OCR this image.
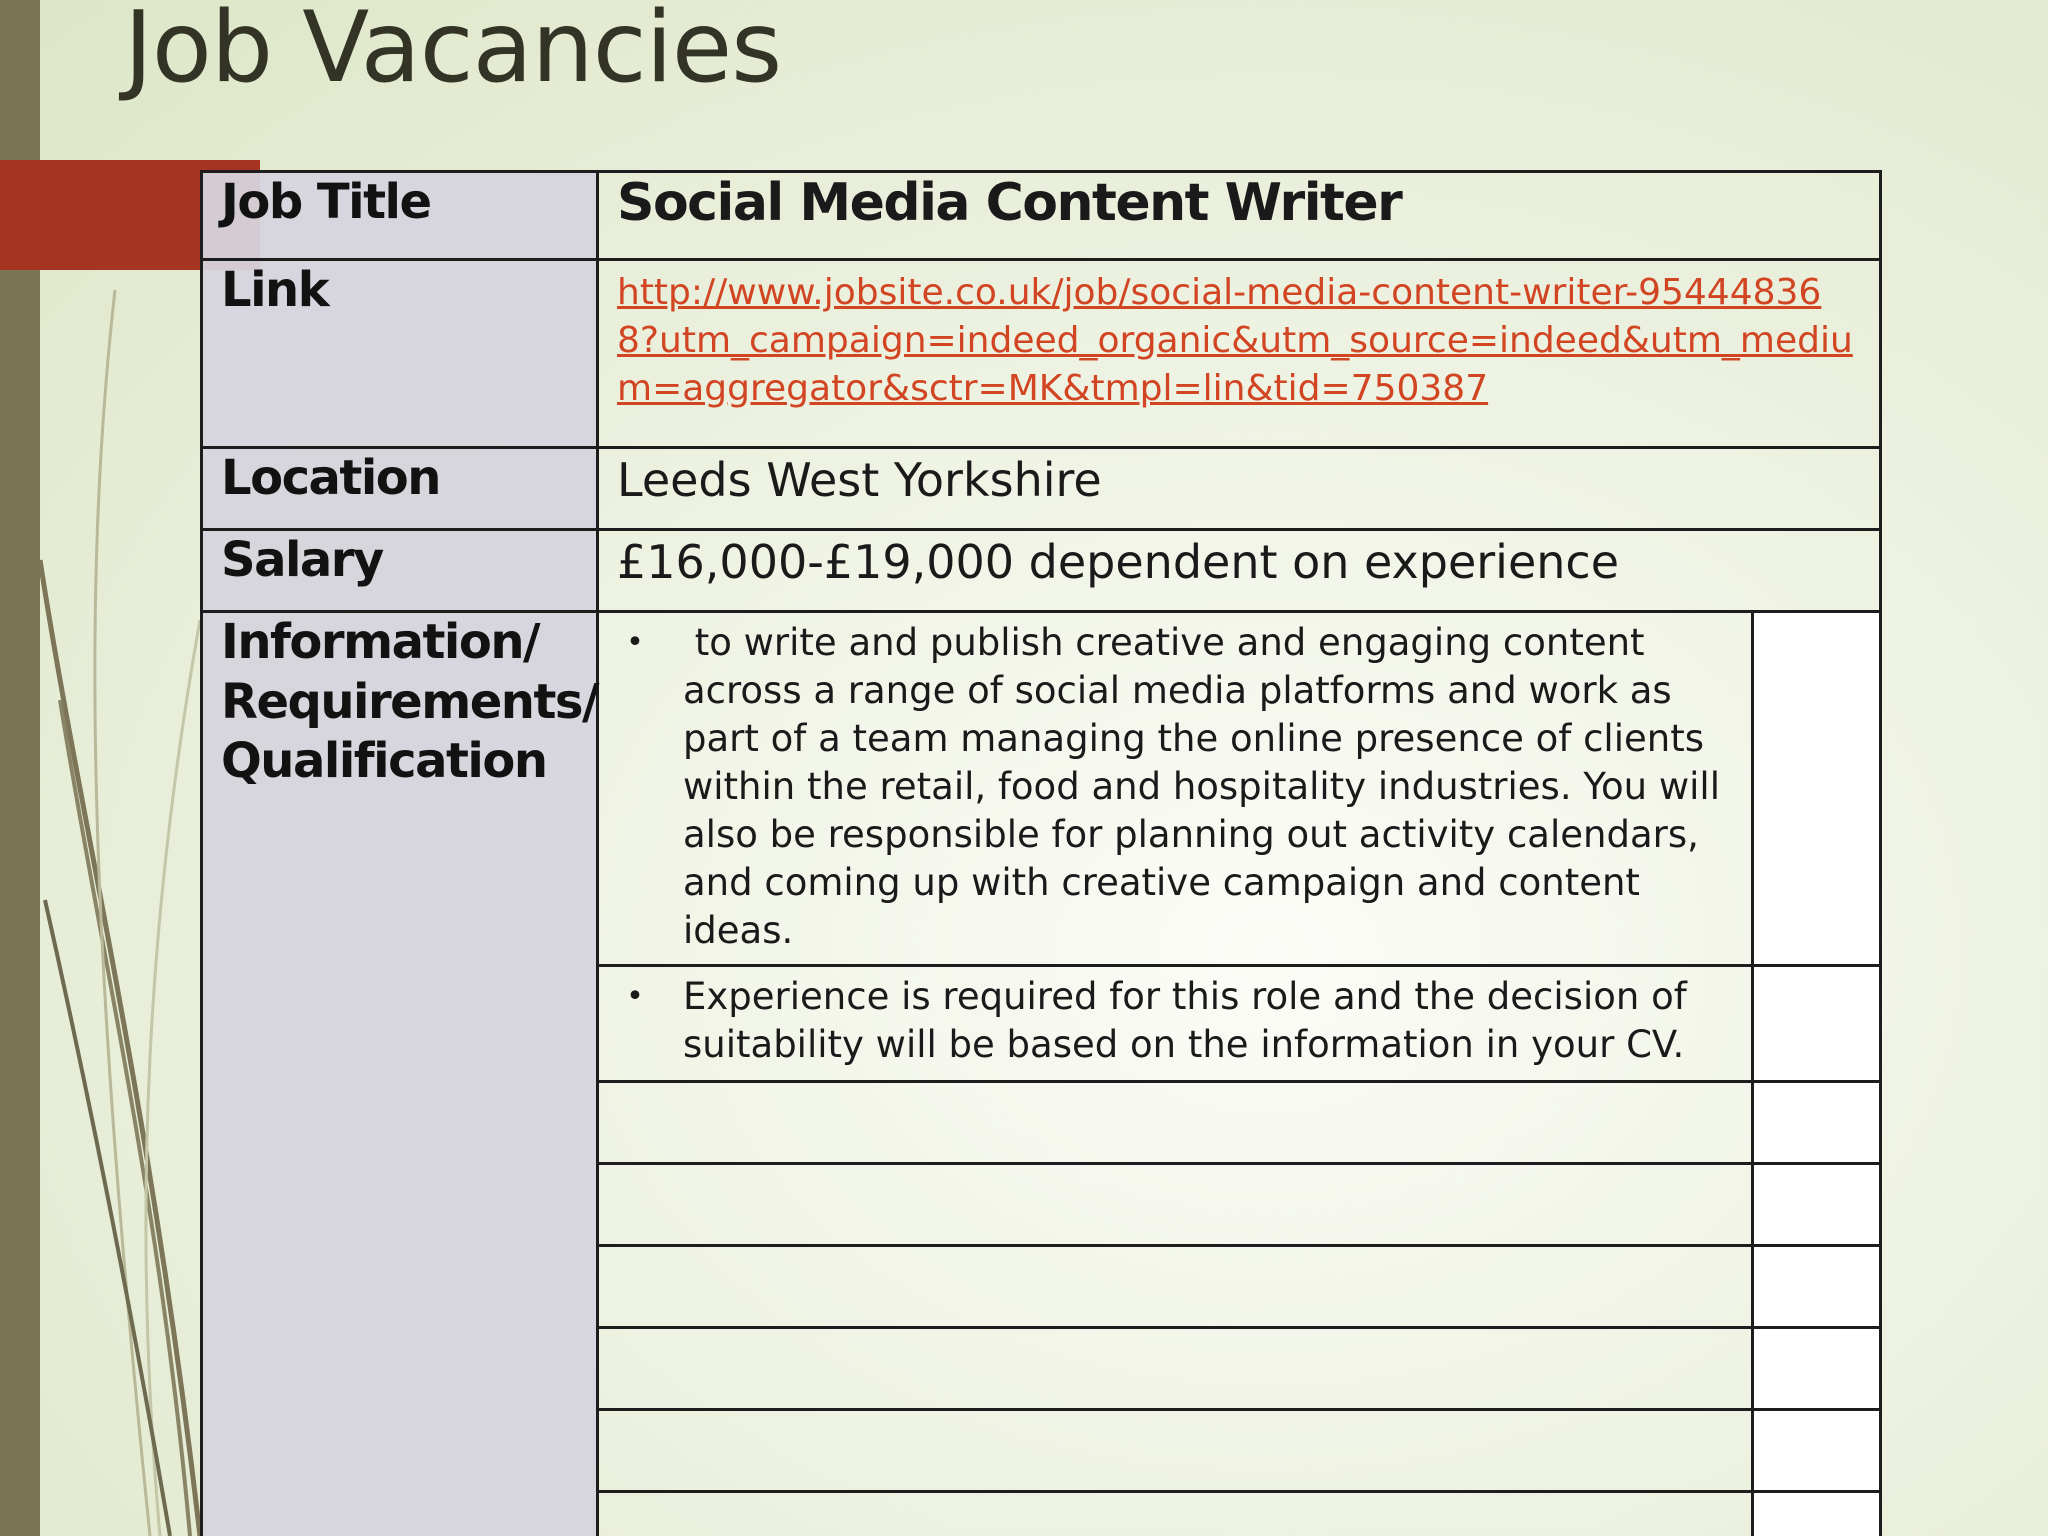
Job Vacancies
Job Title	Social Media Content Writer	
Link	http://www.jobsite.co.uk/job/social-media-content-writer-954448368?utm_campaign=indeed_organic&utm_source=indeed&utm_medium=aggregator&sctr=MK&tmpl=lin&tid=750387	
Location	Leeds West Yorkshire	
Salary	£16,000-£19,000 dependent on experience	
Information/ Requirements/ Qualification	• to write and publish creative and engaging content across a range of social media platforms and work as part of a team managing the online presence of clients within the retail, food and hospitality industries. You will also be responsible for planning out activity calendars, and coming up with creative campaign and content ideas.	

	• Experience is required for this role and the decision of suitability will be based on the information in your CV.	
